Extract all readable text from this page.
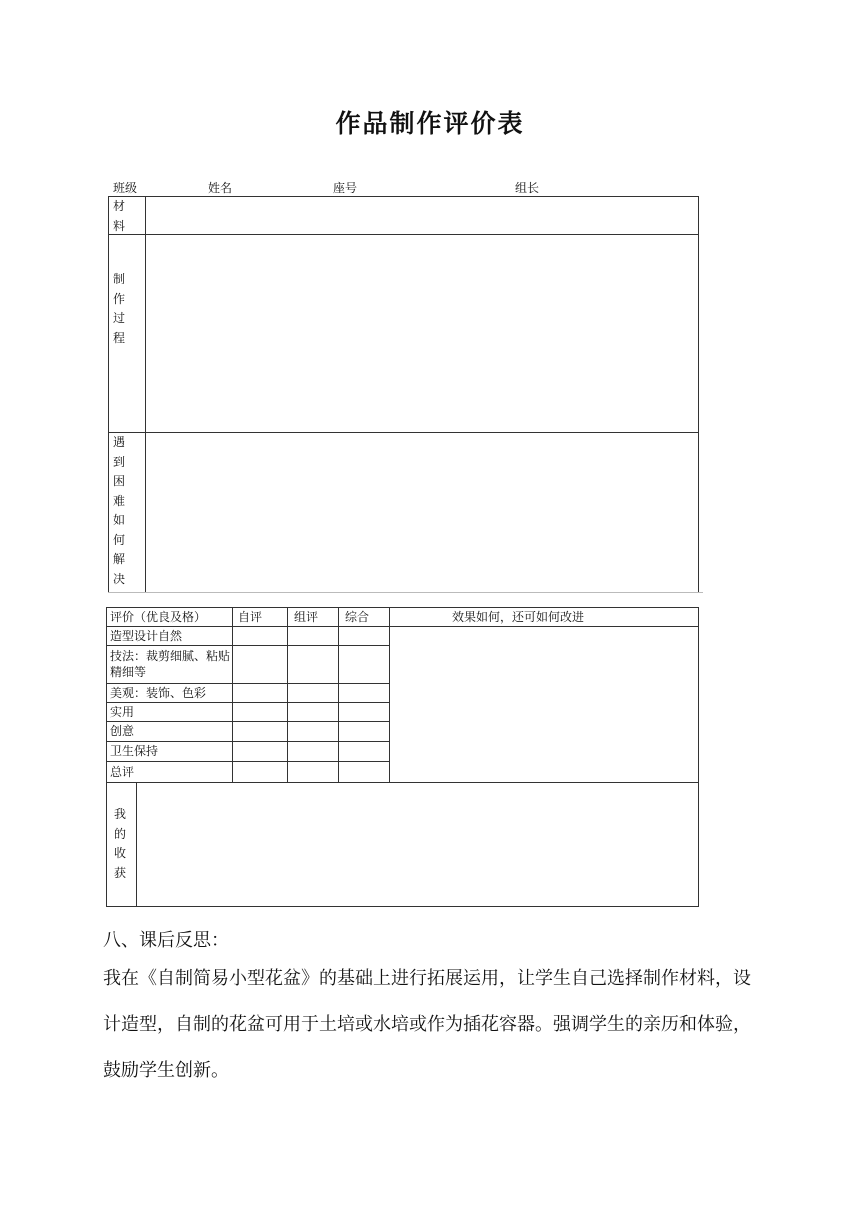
作品制作评价表
班级	姓名	座号	组长
材
料
制
作
过
程
遇
到
困
难
如
何
解
决
评价（优良及格）	自评	组评 综合	效果如何，还可如何改进
造型设计自然
技法：裁剪细腻、粘贴精细等
美观：装饰、色彩
实用
创意
卫生保持
总评
我
的
收
获
八、课后反思：
我在《自制简易小型花盆》的基础上进行拓展运用，让学生自己选择制作材料，设计造型，自制的花盆可用于土培或水培或作为插花容器。强调学生的亲历和体验，鼓励学生创新。
